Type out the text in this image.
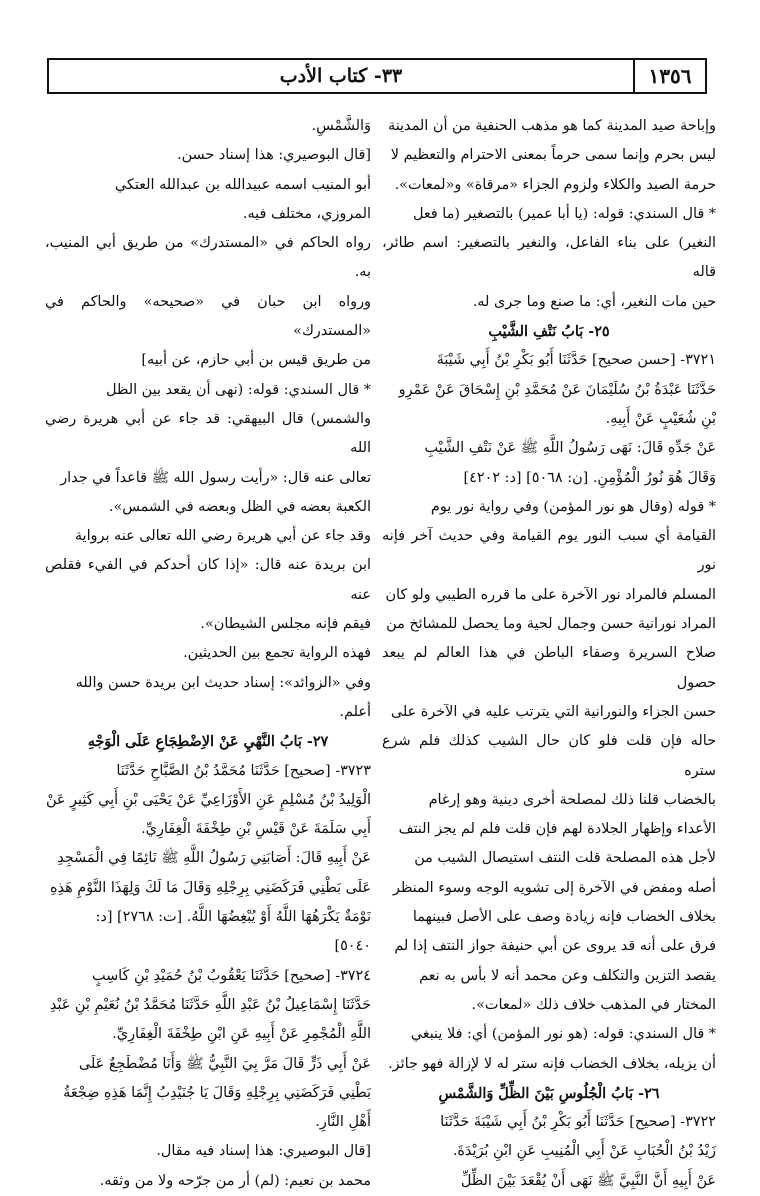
١٣٥٦
٣٣- كتاب الأدب

وإباحة صيد المدينة كما هو مذهب الحنفية من أن المدينة

ليس بحرم وإنما سمى حرماً بمعنى الاحترام والتعظيم لا

حرمة الصيد والكلاء ولزوم الجزاء «مرقاة» و«لمعات».

* قال السندي: قوله: (يا أبا عمير) بالتصغير (ما فعل

النغير) على بناء الفاعل، والنغير بالتصغير: اسم طائر، قاله

حين مات النغير، أي: ما صنع وما جرى له.

٢٥- بَابُ نَتْفِ الشَّيْبِ

٣٧٢١- [حسن صحيح] حَدَّثَنَا أَبُو بَكْرِ بْنُ أَبِي شَيْبَةَ

حَدَّثَنَا عَبْدَةُ بْنُ سُلَيْمَانَ عَنْ مُحَمَّدِ بْنِ إِسْحَاقَ عَنْ عَمْرِو

بْنِ شُعَيْبٍ عَنْ أَبِيهِ.

عَنْ جَدِّهِ قَالَ: نَهَى رَسُولُ اللَّهِ ﷺ عَنْ نَتْفِ الشَّيْبِ

وَقَالَ هُوَ نُورُ الْمُؤْمِنِ. [ن: ٥٠٦٨] [د: ٤٢٠٢]

* قوله (وقال هو نور المؤمن) وفي رواية نور يوم

القيامة أي سبب النور يوم القيامة وفي حديث آخر فإنه نور

المسلم فالمراد نور الآخرة على ما قرره الطيبي ولو كان

المراد نورانية حسن وجمال لحية وما يحصل للمشائخ من

صلاح السريرة وصفاء الباطن في هذا العالم لم يبعد حصول

حسن الجزاء والنورانية التي يترتب عليه في الآخرة على

حاله فإن قلت فلو كان حال الشيب كذلك فلم شرع ستره

بالخضاب قلنا ذلك لمصلحة أخرى دينية وهو إرغام

الأعداء وإظهار الجلادة لهم فإن قلت فلم لم يجز النتف

لأجل هذه المصلحة قلت النتف استيصال الشيب من

أصله ومفض في الآخرة إلى تشويه الوجه وسوء المنظر

بخلاف الخضاب فإنه زيادة وصف على الأصل فبينهما

فرق على أنه قد يروى عن أبي حنيفة جواز النتف إذا لم

يقصد التزين والتكلف وعن محمد أنه لا بأس به نعم

المختار في المذهب خلاف ذلك «لمعات».

* قال السندي: قوله: (هو نور المؤمن) أي: فلا ينبغي

أن يزيله، بخلاف الخضاب فإنه ستر له لا لإزالة فهو جائز.

٢٦- بَابُ الْجُلُوسِ بَيْنَ الظِّلِّ وَالشَّمْسِ

٣٧٢٢- [صحيح] حَدَّثَنَا أَبُو بَكْرِ بْنُ أَبِي شَيْبَةَ حَدَّثَنَا

زَيْدُ بْنُ الْحُبَابِ عَنْ أَبِي الْمُنِيبِ عَنِ ابْنِ بُرَيْدَةَ.

عَنْ أَبِيهِ أَنَّ النَّبِيَّ ﷺ نَهَى أَنْ يُقْعَدَ بَيْنَ الظِّلِّ

وَالشَّمْسِ.

[قال البوصيري: هذا إسناد حسن.

أبو المنيب اسمه عبيدالله بن عبدالله العتكي

المروزي، مختلف فيه.

رواه الحاكم في «المستدرك» من طريق أبي المنيب، به.

ورواه ابن حبان في «صحيحه» والحاكم في «المستدرك»

من طريق قيس بن أبي حازم، عن أبيه]

* قال السندي: قوله: (نهى أن يقعد بين الظل

والشمس) قال البيهقي: قد جاء عن أبي هريرة رضي الله

تعالى عنه قال: «رأيت رسول الله ﷺ قاعداً في جدار

الكعبة بعضه في الظل وبعضه في الشمس».

وقد جاء عن أبي هريرة رضي الله تعالى عنه برواية

ابن بريدة عنه قال: «إذا كان أحدكم في الفيء فقلص عنه

فيقم فإنه مجلس الشيطان».

فهذه الرواية تجمع بين الحديثين.

وفي «الزوائد»: إسناد حديث ابن بريدة حسن والله

أعلم.

٢٧- بَابُ النَّهْيِ عَنْ الاِضْطِجَاعِ عَلَى الْوَجْهِ

٣٧٢٣- [صحيح] حَدَّثَنَا مُحَمَّدُ بْنُ الصَّبَّاحِ حَدَّثَنَا

الْوَلِيدُ بْنُ مُسْلِمٍ عَنِ الأَوْزَاعِيِّ عَنْ يَحْيَى بْنِ أَبِي كَثِيرٍ عَنْ

أَبِي سَلَمَةَ عَنْ قَيْسِ بْنِ طِخْفَةَ الْغِفَارِيِّ.

عَنْ أَبِيهِ قَالَ: أَصَابَنِي رَسُولُ اللَّهِ ﷺ نَائِمًا فِي الْمَسْجِدِ

عَلَى بَطْنِي فَرَكَضَنِي بِرِجْلِهِ وَقَالَ مَا لَكَ وَلِهَذَا النَّوْمِ هَذِهِ

نَوْمَةٌ يَكْرَهُهَا اللَّهُ أَوْ يُبْغِضُهَا اللَّهُ. [ت: ٢٧٦٨] [د:

٥٠٤٠]

٣٧٢٤- [صحيح] حَدَّثَنَا يَعْقُوبُ بْنُ حُمَيْدِ بْنِ كَاسِبٍ

حَدَّثَنَا إِسْمَاعِيلُ بْنُ عَبْدِ اللَّهِ حَدَّثَنَا مُحَمَّدُ بْنُ نُعَيْمِ بْنِ عَبْدِ

اللَّهِ الْمُجْمِرِ عَنْ أَبِيهِ عَنِ ابْنِ طِخْفَةَ الْغِفَارِيِّ.

عَنْ أَبِي ذَرٍّ قَالَ مَرَّ بِيَ النَّبِيُّ ﷺ وَأَنَا مُضْطَجِعٌ عَلَى

بَطْنِي فَرَكَضَنِي بِرِجْلِهِ وَقَالَ يَا جُنَيْدِبُ إِنَّمَا هَذِهِ ضِجْعَةُ

أَهْلِ النَّارِ.

[قال البوصيري: هذا إسناد فيه مقال.

محمد بن نعيم: (لم) أر من جرّحه ولا من وثقه.
